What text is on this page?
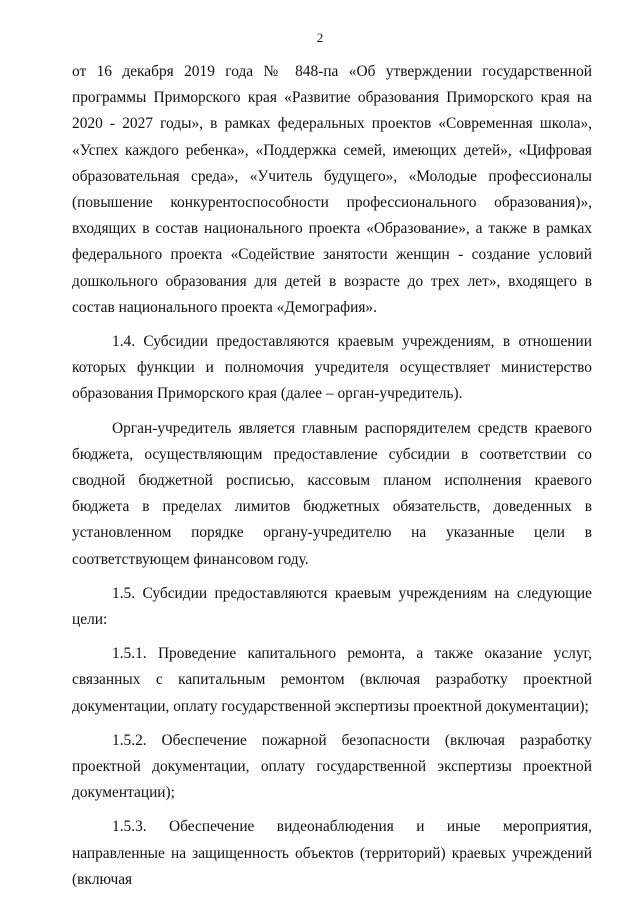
2

от 16 декабря 2019 года № 848-па «Об утверждении государственной программы Приморского края «Развитие образования Приморского края на 2020 - 2027 годы», в рамках федеральных проектов «Современная школа», «Успех каждого ребенка», «Поддержка семей, имеющих детей», «Цифровая образовательная среда», «Учитель будущего», «Молодые профессионалы (повышение конкурентоспособности профессионального образования)», входящих в состав национального проекта «Образование», а также в рамках федерального проекта «Содействие занятости женщин - создание условий дошкольного образования для детей в возрасте до трех лет», входящего в состав национального проекта «Демография».

1.4. Субсидии предоставляются краевым учреждениям, в отношении которых функции и полномочия учредителя осуществляет министерство образования Приморского края (далее – орган-учредитель).

Орган-учредитель является главным распорядителем средств краевого бюджета, осуществляющим предоставление субсидии в соответствии со сводной бюджетной росписью, кассовым планом исполнения краевого бюджета в пределах лимитов бюджетных обязательств, доведенных в установленном порядке органу-учредителю на указанные цели в соответствующем финансовом году.

1.5. Субсидии предоставляются краевым учреждениям на следующие цели:

1.5.1. Проведение капитального ремонта, а также оказание услуг, связанных с капитальным ремонтом (включая разработку проектной документации, оплату государственной экспертизы проектной документации);

1.5.2. Обеспечение пожарной безопасности (включая разработку проектной документации, оплату государственной экспертизы проектной документации);

1.5.3. Обеспечение видеонаблюдения и иные мероприятия, направленные на защищенность объектов (территорий) краевых учреждений (включая
